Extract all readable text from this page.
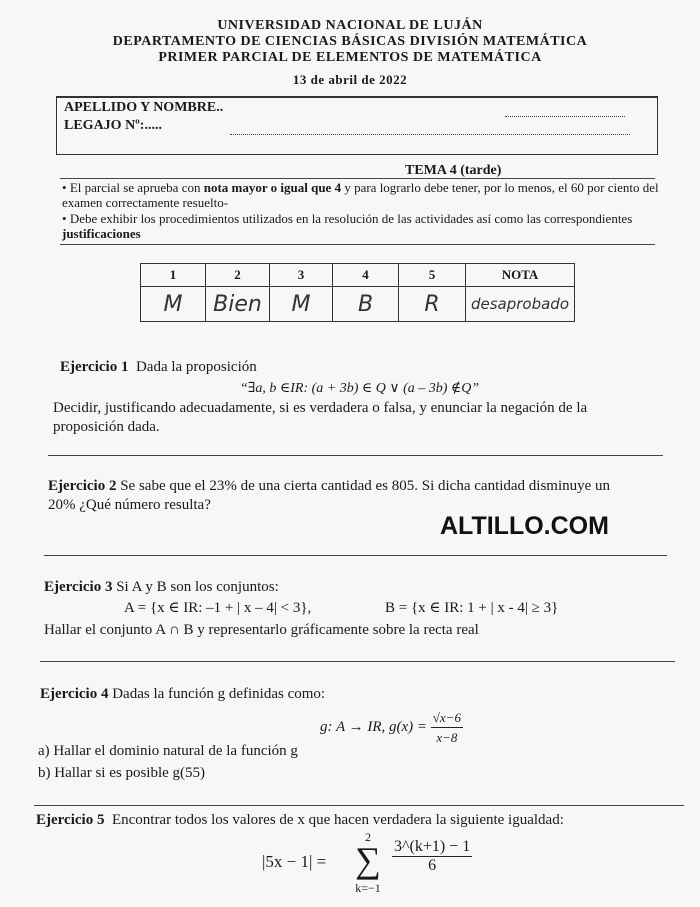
UNIVERSIDAD NACIONAL DE LUJÁN
DEPARTAMENTO DE CIENCIAS BÁSICAS DIVISIÓN MATEMÁTICA
PRIMER PARCIAL DE ELEMENTOS DE MATEMÁTICA
13 de abril de 2022
APELLIDO Y NOMBRE..
LEGAJO Nº:.....
TEMA 4 (tarde)
• El parcial se aprueba con nota mayor o igual que 4 y para lograrlo debe tener, por lo menos, el 60 por ciento del examen correctamente resuelto-
• Debe exhibir los procedimientos utilizados en la resolución de las actividades así como las correspondientes justificaciones
1	2	3	4	5	NOTA
M	Bien	M	B	R	desaprobado
Ejercicio 1 Dada la proposición
“∃a, b ∈IR: (a + 3b) ∈ Q ∨ (a – 3b) ∉Q”
Decidir, justificando adecuadamente, si es verdadera o falsa, y enunciar la negación de la proposición dada.
Ejercicio 2 Se sabe que el 23% de una cierta cantidad es 805. Si dicha cantidad disminuye un 20% ¿Qué número resulta?
ALTILLO.COM
Ejercicio 3 Si A y B son los conjuntos:
A = {x ∈ IR: –1 + | x – 4| < 3},	B = {x ∈ IR: 1 + | x - 4| ≥ 3}
Hallar el conjunto A ∩ B y representarlo gráficamente sobre la recta real
Ejercicio 4 Dadas la función g definidas como:
g: A → IR, $g(x) = \frac{√x-6}{x-8}$
a) Hallar el dominio natural de la función g
b) Hallar si es posible g(55)
Ejercicio 5 Encontrar todos los valores de x que hacen verdadera la siguiente igualdad:
|5x − 1| =
2
∑
k=−1
$\frac{3\^{}(k+1) - 1}{6}$
